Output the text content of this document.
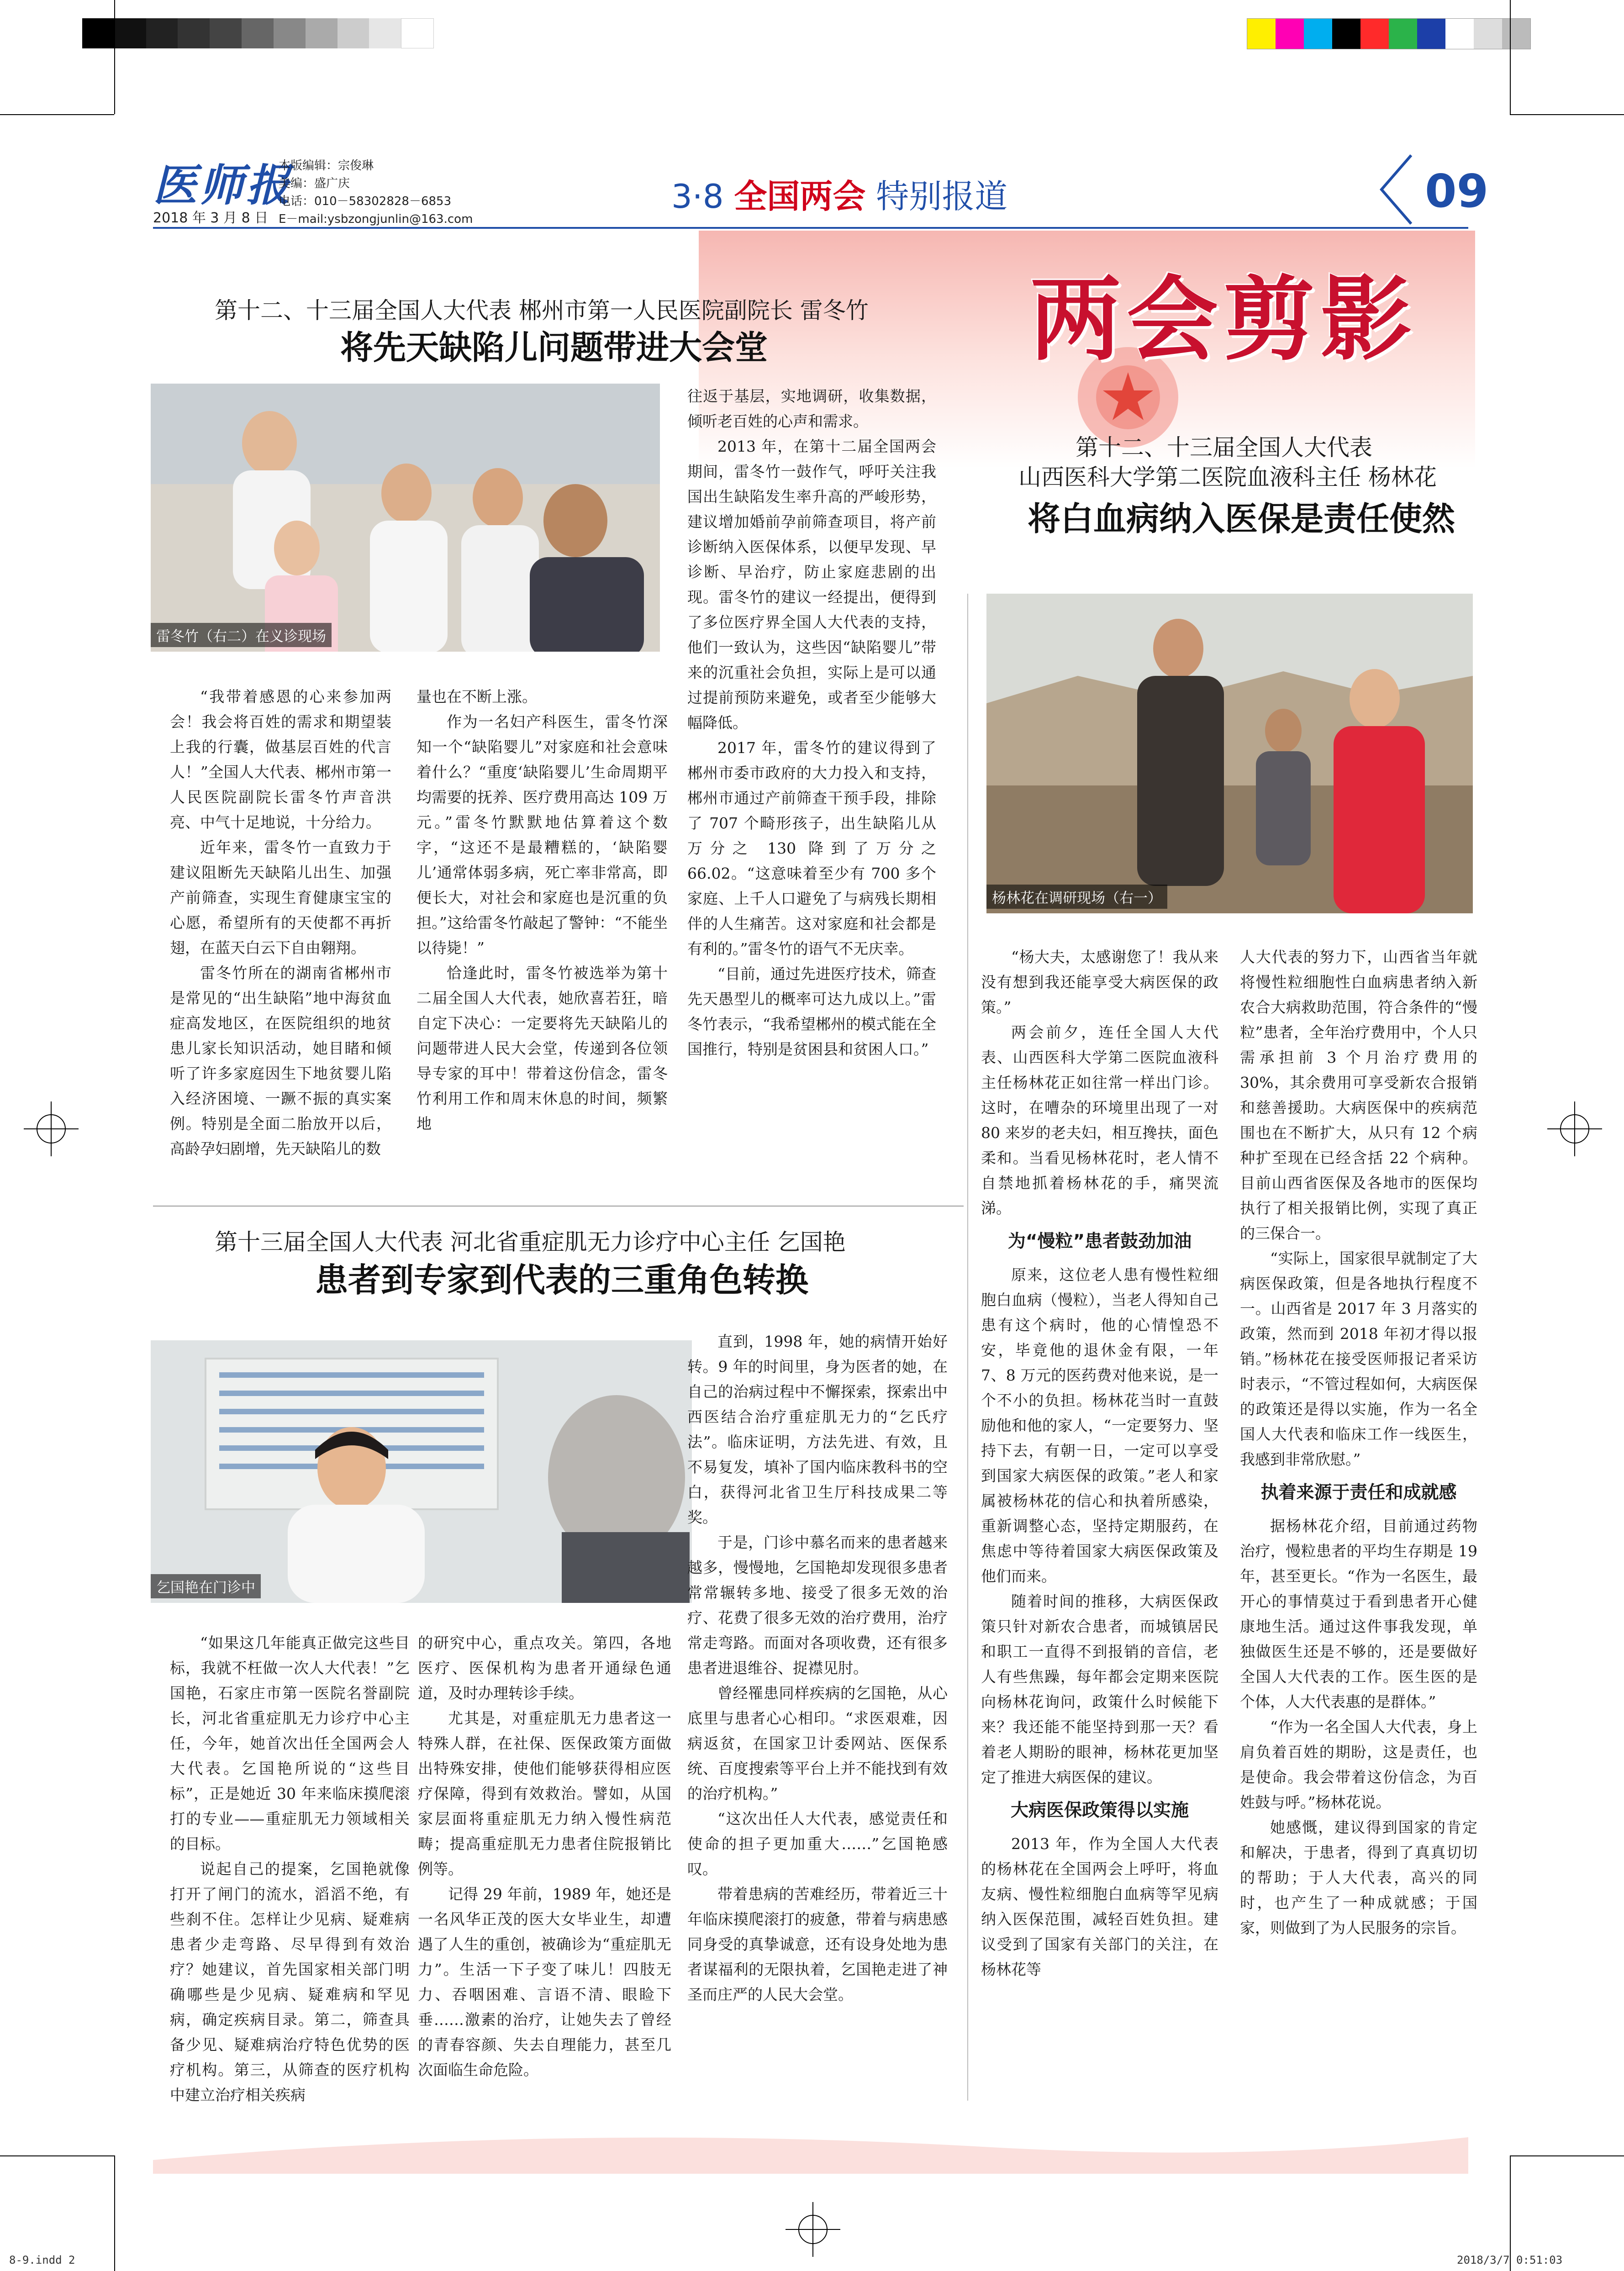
医师报
2018 年 3 月 8 日
本版编辑：宗俊琳
美编：盛广庆
电话：010－58302828－6853
E－mail:ysbzongjunlin@163.com
3·8 全国两会 特别报道	09
两会剪影
第十二、十三届全国人大代表 郴州市第一人民医院副院长 雷冬竹
将先天缺陷儿问题带进大会堂
雷冬竹（右二）在义诊现场

“我带着感恩的心来参加两会！我会将百姓的需求和期望装上我的行囊，做基层百姓的代言人！”全国人大代表、郴州市第一人民医院副院长雷冬竹声音洪亮、中气十足地说，十分给力。

近年来，雷冬竹一直致力于建议阻断先天缺陷儿出生、加强产前筛查，实现生育健康宝宝的心愿，希望所有的天使都不再折翅，在蓝天白云下自由翱翔。

雷冬竹所在的湖南省郴州市是常见的“出生缺陷”地中海贫血症高发地区，在医院组织的地贫患儿家长知识活动，她目睹和倾听了许多家庭因生下地贫婴儿陷入经济困境、一蹶不振的真实案例。特别是全面二胎放开以后，高龄孕妇剧增，先天缺陷儿的数

量也在不断上涨。

作为一名妇产科医生，雷冬竹深知一个“缺陷婴儿”对家庭和社会意味着什么？“重度‘缺陷婴儿’生命周期平均需要的抚养、医疗费用高达 109 万元。”雷冬竹默默地估算着这个数字，“这还不是最糟糕的，‘缺陷婴儿’通常体弱多病，死亡率非常高，即便长大，对社会和家庭也是沉重的负担。”这给雷冬竹敲起了警钟：“不能坐以待毙！”

恰逢此时，雷冬竹被选举为第十二届全国人大代表，她欣喜若狂，暗自定下决心：一定要将先天缺陷儿的问题带进人民大会堂，传递到各位领导专家的耳中！带着这份信念，雷冬竹利用工作和周末休息的时间，频繁地

往返于基层，实地调研，收集数据，倾听老百姓的心声和需求。

2013 年，在第十二届全国两会期间，雷冬竹一鼓作气，呼吁关注我国出生缺陷发生率升高的严峻形势，建议增加婚前孕前筛查项目，将产前诊断纳入医保体系，以便早发现、早诊断、早治疗，防止家庭悲剧的出现。雷冬竹的建议一经提出，便得到了多位医疗界全国人大代表的支持，他们一致认为，这些因“缺陷婴儿”带来的沉重社会负担，实际上是可以通过提前预防来避免，或者至少能够大幅降低。

2017 年，雷冬竹的建议得到了郴州市委市政府的大力投入和支持，郴州市通过产前筛查干预手段，排除了 707 个畸形孩子，出生缺陷儿从万分之 130 降到了万分之 66.02。“这意味着至少有 700 多个家庭、上千人口避免了与病残长期相伴的人生痛苦。这对家庭和社会都是有利的。”雷冬竹的语气不无庆幸。

“目前，通过先进医疗技术，筛查先天愚型儿的概率可达九成以上。”雷冬竹表示，“我希望郴州的模式能在全国推行，特别是贫困县和贫困人口。”

第十二、十三届全国人大代表
山西医科大学第二医院血液科主任 杨林花
将白血病纳入医保是责任使然
杨林花在调研现场（右一）

“杨大夫，太感谢您了！我从来没有想到我还能享受大病医保的政策。”

两会前夕，连任全国人大代表、山西医科大学第二医院血液科主任杨林花正如往常一样出门诊。这时，在嘈杂的环境里出现了一对 80 来岁的老夫妇，相互搀扶，面色柔和。当看见杨林花时，老人情不自禁地抓着杨林花的手，痛哭流涕。

为“慢粒”患者鼓劲加油

原来，这位老人患有慢性粒细胞白血病（慢粒），当老人得知自己患有这个病时，他的心情惶恐不安，毕竟他的退休金有限，一年 7、8 万元的医药费对他来说，是一个不小的负担。杨林花当时一直鼓励他和他的家人，“一定要努力、坚持下去，有朝一日，一定可以享受到国家大病医保的政策。”老人和家属被杨林花的信心和执着所感染，重新调整心态，坚持定期服药，在焦虑中等待着国家大病医保政策及他们而来。

随着时间的推移，大病医保政策只针对新农合患者，而城镇居民和职工一直得不到报销的音信，老人有些焦躁，每年都会定期来医院向杨林花询问，政策什么时候能下来？我还能不能坚持到那一天？看着老人期盼的眼神，杨林花更加坚定了推进大病医保的建议。

大病医保政策得以实施

2013 年，作为全国人大代表的杨林花在全国两会上呼吁，将血友病、慢性粒细胞白血病等罕见病纳入医保范围，减轻百姓负担。建议受到了国家有关部门的关注，在杨林花等

人大代表的努力下，山西省当年就将慢性粒细胞性白血病患者纳入新农合大病救助范围，符合条件的“慢粒”患者，全年治疗费用中，个人只需承担前 3 个月治疗费用的 30%，其余费用可享受新农合报销和慈善援助。大病医保中的疾病范围也在不断扩大，从只有 12 个病种扩至现在已经含括 22 个病种。目前山西省医保及各地市的医保均执行了相关报销比例，实现了真正的三保合一。

“实际上，国家很早就制定了大病医保政策，但是各地执行程度不一。山西省是 2017 年 3 月落实的政策，然而到 2018 年初才得以报销。”杨林花在接受医师报记者采访时表示，“不管过程如何，大病医保的政策还是得以实施，作为一名全国人大代表和临床工作一线医生，我感到非常欣慰。”

执着来源于责任和成就感

据杨林花介绍，目前通过药物治疗，慢粒患者的平均生存期是 19 年，甚至更长。“作为一名医生，最开心的事情莫过于看到患者开心健康地生活。通过这件事我发现，单独做医生还是不够的，还是要做好全国人大代表的工作。医生医的是个体，人大代表惠的是群体。”

“作为一名全国人大代表，身上肩负着百姓的期盼，这是责任，也是使命。我会带着这份信念，为百姓鼓与呼。”杨林花说。

她感慨，建议得到国家的肯定和解决，于患者，得到了真真切切的帮助；于人大代表，高兴的同时，也产生了一种成就感；于国家，则做到了为人民服务的宗旨。

第十三届全国人大代表 河北省重症肌无力诊疗中心主任 乞国艳
患者到专家到代表的三重角色转换
乞国艳在门诊中

“如果这几年能真正做完这些目标，我就不枉做一次人大代表！”乞国艳，石家庄市第一医院名誉副院长，河北省重症肌无力诊疗中心主任，今年，她首次出任全国两会人大代表。乞国艳所说的“这些目标”，正是她近 30 年来临床摸爬滚打的专业——重症肌无力领域相关的目标。

说起自己的提案，乞国艳就像打开了闸门的流水，滔滔不绝，有些刹不住。怎样让少见病、疑难病患者少走弯路、尽早得到有效治疗？她建议，首先国家相关部门明确哪些是少见病、疑难病和罕见病，确定疾病目录。第二，筛查具备少见、疑难病治疗特色优势的医疗机构。第三，从筛查的医疗机构中建立治疗相关疾病

的研究中心，重点攻关。第四，各地医疗、医保机构为患者开通绿色通道，及时办理转诊手续。

尤其是，对重症肌无力患者这一特殊人群，在社保、医保政策方面做出特殊安排，使他们能够获得相应医疗保障，得到有效救治。譬如，从国家层面将重症肌无力纳入慢性病范畴；提高重症肌无力患者住院报销比例等。

记得 29 年前，1989 年，她还是一名风华正茂的医大女毕业生，却遭遇了人生的重创，被确诊为“重症肌无力”。生活一下子变了味儿！四肢无力、吞咽困难、言语不清、眼睑下垂……激素的治疗，让她失去了曾经的青春容颜、失去自理能力，甚至几次面临生命危险。

直到，1998 年，她的病情开始好转。9 年的时间里，身为医者的她，在自己的治病过程中不懈探索，探索出中西医结合治疗重症肌无力的“乞氏疗法”。临床证明，方法先进、有效，且不易复发，填补了国内临床教科书的空白，获得河北省卫生厅科技成果二等奖。

于是，门诊中慕名而来的患者越来越多，慢慢地，乞国艳却发现很多患者常常辗转多地、接受了很多无效的治疗、花费了很多无效的治疗费用，治疗常走弯路。而面对各项收费，还有很多患者进退维谷、捉襟见肘。

曾经罹患同样疾病的乞国艳，从心底里与患者心心相印。“求医艰难，因病返贫，在国家卫计委网站、医保系统、百度搜索等平台上并不能找到有效的治疗机构。”

“这次出任人大代表，感觉责任和使命的担子更加重大……”乞国艳感叹。

带着患病的苦难经历，带着近三十年临床摸爬滚打的疲惫，带着与病患感同身受的真挚诚意，还有设身处地为患者谋福利的无限执着，乞国艳走进了神圣而庄严的人民大会堂。

8-9.indd 2	2018/3/7 0:51:03
